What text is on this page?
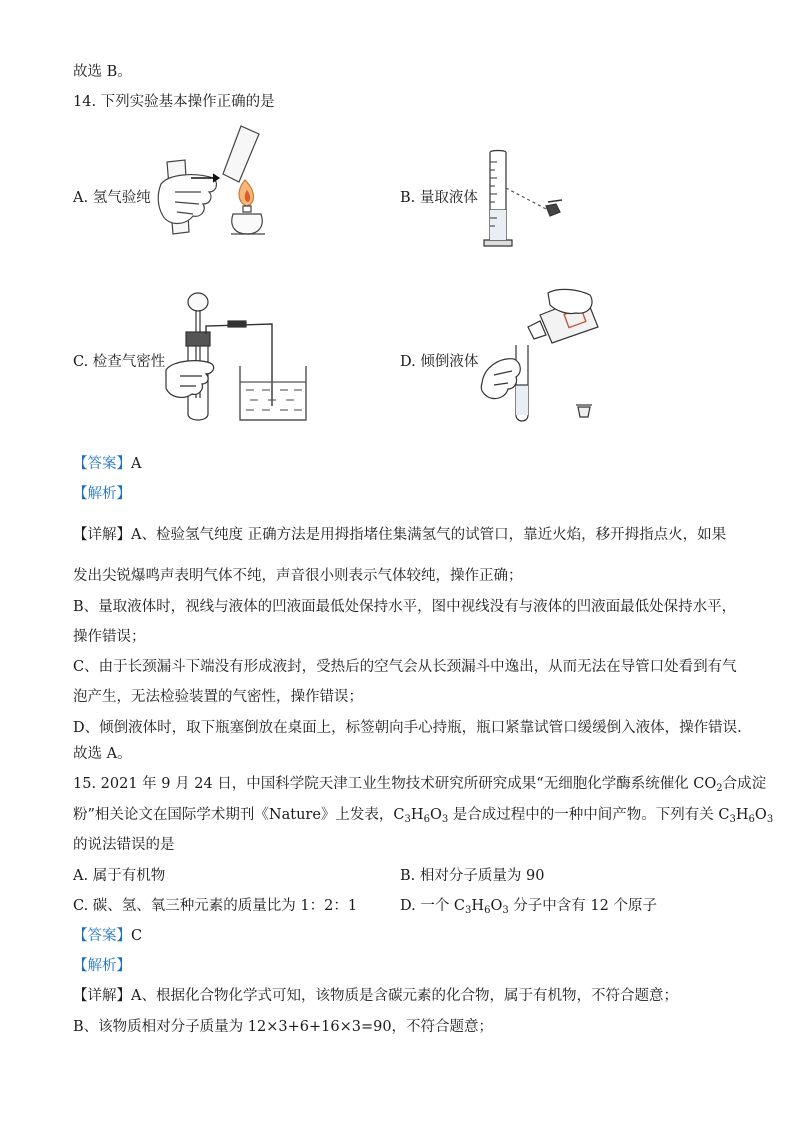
故选 B。
14. 下列实验基本操作正确的是
A. 氢气验纯	B. 量取液体
C. 检查气密性	D. 倾倒液体
【答案】A
【解析】
【详解】A、检验氢气纯度 正确方法是用拇指堵住集满氢气的试管口，靠近火焰，移开拇指点火，如果
发出尖锐爆鸣声表明气体不纯，声音很小则表示气体较纯，操作正确；
B、量取液体时，视线与液体的凹液面最低处保持水平，图中视线没有与液体的凹液面最低处保持水平，
操作错误；
C、由于长颈漏斗下端没有形成液封，受热后的空气会从长颈漏斗中逸出，从而无法在导管口处看到有气
泡产生，无法检验装置的气密性，操作错误；
D、倾倒液体时，取下瓶塞倒放在桌面上，标签朝向手心持瓶，瓶口紧靠试管口缓缓倒入液体，操作错误.
故选 A。
15. 2021 年 9 月 24 日，中国科学院天津工业生物技术研究所研究成果“无细胞化学酶系统催化 $CO_2$合成淀
粉”相关论文在国际学术期刊《Nature》上发表，$C_3H_6O_3$ 是合成过程中的一种中间产物。下列有关 $C_3H_6O_3$
的说法错误的是
A. 属于有机物	B. 相对分子质量为 90
C. 碳、氢、氧三种元素的质量比为 1：2：1	D. 一个 $C_3H_6O_3$ 分子中含有 12 个原子
【答案】C
【解析】
【详解】A、根据化合物化学式可知，该物质是含碳元素的化合物，属于有机物，不符合题意；
B、该物质相对分子质量为 12×3+6+16×3=90，不符合题意；
